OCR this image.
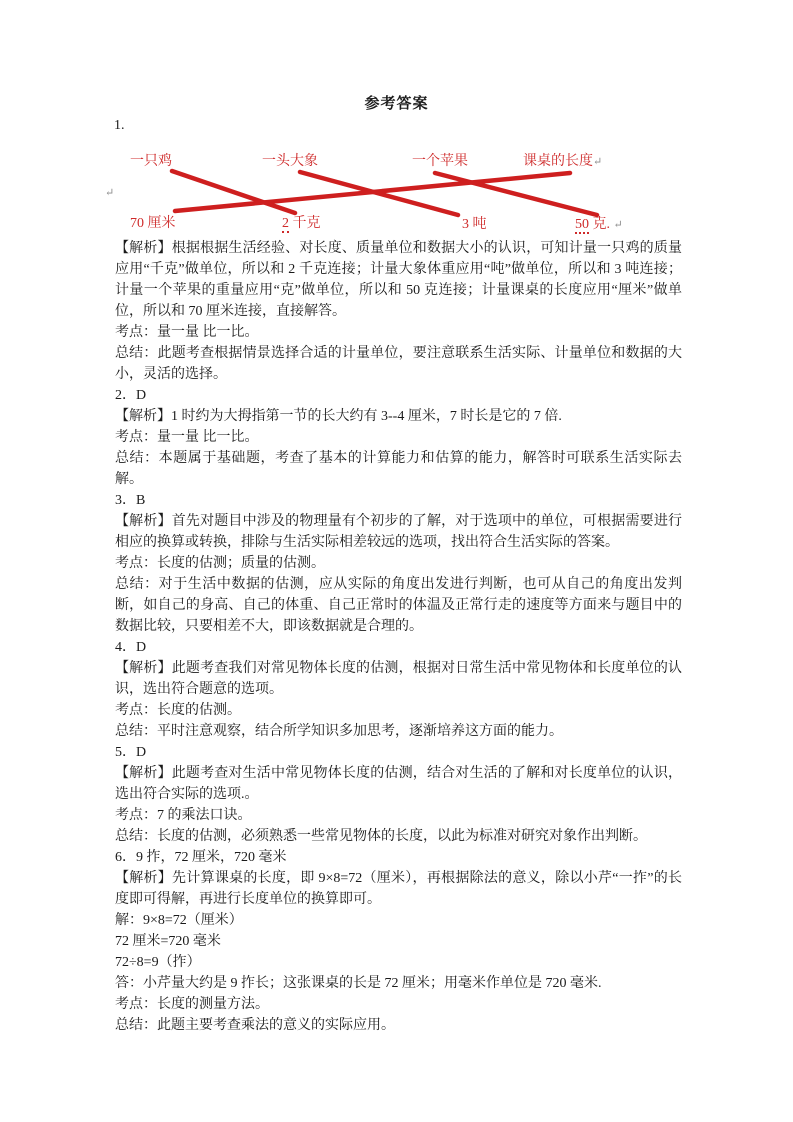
参考答案
1.
一只鸡	一头大象	一个苹果	课桌的长度↵
↵
70 厘米	2 千克	3 吨	50 克. ↵

【解析】根据根据生活经验、对长度、质量单位和数据大小的认识，可知计量一只鸡的质量应用“千克”做单位，所以和 2 千克连接；计量大象体重应用“吨”做单位，所以和 3 吨连接；计量一个苹果的重量应用“克”做单位，所以和 50 克连接；计量课桌的长度应用“厘米”做单位，所以和 70 厘米连接，直接解答。

考点：量一量 比一比。

总结：此题考查根据情景选择合适的计量单位，要注意联系生活实际、计量单位和数据的大小，灵活的选择。

2．D

【解析】1 时约为大拇指第一节的长大约有 3--4 厘米，7 时长是它的 7 倍.

考点：量一量 比一比。

总结：本题属于基础题，考查了基本的计算能力和估算的能力，解答时可联系生活实际去解。

3．B

【解析】首先对题目中涉及的物理量有个初步的了解，对于选项中的单位，可根据需要进行相应的换算或转换，排除与生活实际相差较远的选项，找出符合生活实际的答案。

考点：长度的估测；质量的估测。

总结：对于生活中数据的估测，应从实际的角度出发进行判断，也可从自己的角度出发判断，如自己的身高、自己的体重、自己正常时的体温及正常行走的速度等方面来与题目中的数据比较，只要相差不大，即该数据就是合理的。

4．D

【解析】此题考查我们对常见物体长度的估测，根据对日常生活中常见物体和长度单位的认识，选出符合题意的选项。

考点：长度的估测。

总结：平时注意观察，结合所学知识多加思考，逐渐培养这方面的能力。

5．D

【解析】此题考查对生活中常见物体长度的估测，结合对生活的了解和对长度单位的认识，选出符合实际的选项.。

考点：7 的乘法口诀。

总结：长度的估测，必须熟悉一些常见物体的长度，以此为标准对研究对象作出判断。

6．9 拃，72 厘米，720 毫米

【解析】先计算课桌的长度，即 9×8=72（厘米），再根据除法的意义，除以小芹“一拃”的长度即可得解，再进行长度单位的换算即可。

解：9×8=72（厘米）

72 厘米=720 毫米

72÷8=9（拃）

答：小芹量大约是 9 拃长；这张课桌的长是 72 厘米；用毫米作单位是 720 毫米.

考点：长度的测量方法。

总结：此题主要考查乘法的意义的实际应用。
